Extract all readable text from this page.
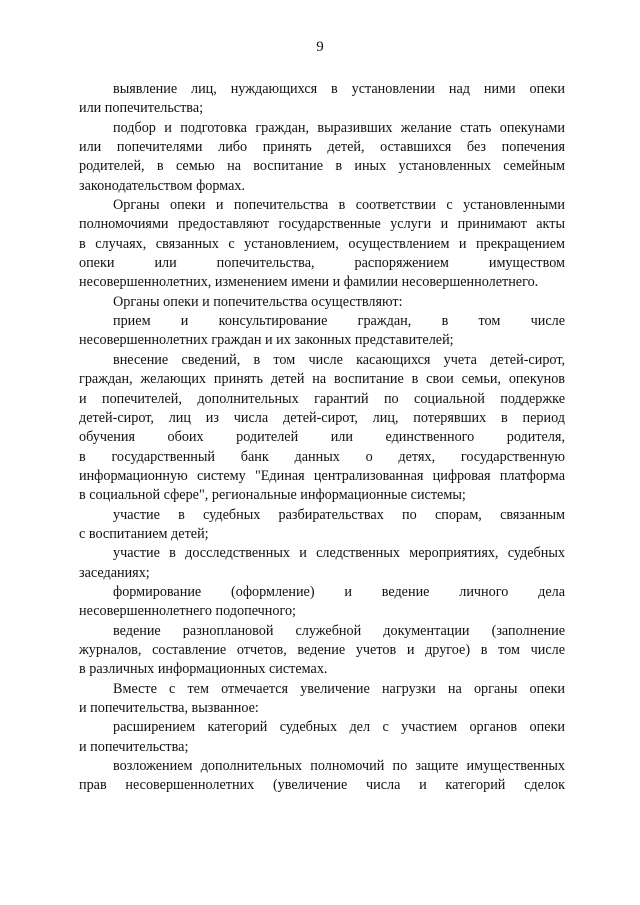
9

выявление лиц, нуждающихся в установлении над ними опеки
или попечительства;

подбор и подготовка граждан, выразивших желание стать опекунами
или попечителями либо принять детей, оставшихся без попечения
родителей, в семью на воспитание в иных установленных семейным
законодательством формах.

Органы опеки и попечительства в соответствии с установленными
полномочиями предоставляют государственные услуги и принимают акты
в случаях, связанных с установлением, осуществлением и прекращением
опеки или попечительства, распоряжением имуществом
несовершеннолетних, изменением имени и фамилии несовершеннолетнего.

Органы опеки и попечительства осуществляют:

прием и консультирование граждан, в том числе
несовершеннолетних граждан и их законных представителей;

внесение сведений, в том числе касающихся учета детей-сирот,
граждан, желающих принять детей на воспитание в свои семьи, опекунов
и попечителей, дополнительных гарантий по социальной поддержке
детей-сирот, лиц из числа детей-сирот, лиц, потерявших в период
обучения обоих родителей или единственного родителя,
в государственный банк данных о детях, государственную
информационную систему "Единая централизованная цифровая платформа
в социальной сфере", региональные информационные системы;

участие в судебных разбирательствах по спорам, связанным
с воспитанием детей;

участие в досследственных и следственных мероприятиях, судебных
заседаниях;

формирование (оформление) и ведение личного дела
несовершеннолетнего подопечного;

ведение разноплановой служебной документации (заполнение
журналов, составление отчетов, ведение учетов и другое) в том числе
в различных информационных системах.

Вместе с тем отмечается увеличение нагрузки на органы опеки
и попечительства, вызванное:

расширением категорий судебных дел с участием органов опеки
и попечительства;

возложением дополнительных полномочий по защите имущественных
прав несовершеннолетних (увеличение числа и категорий сделок
